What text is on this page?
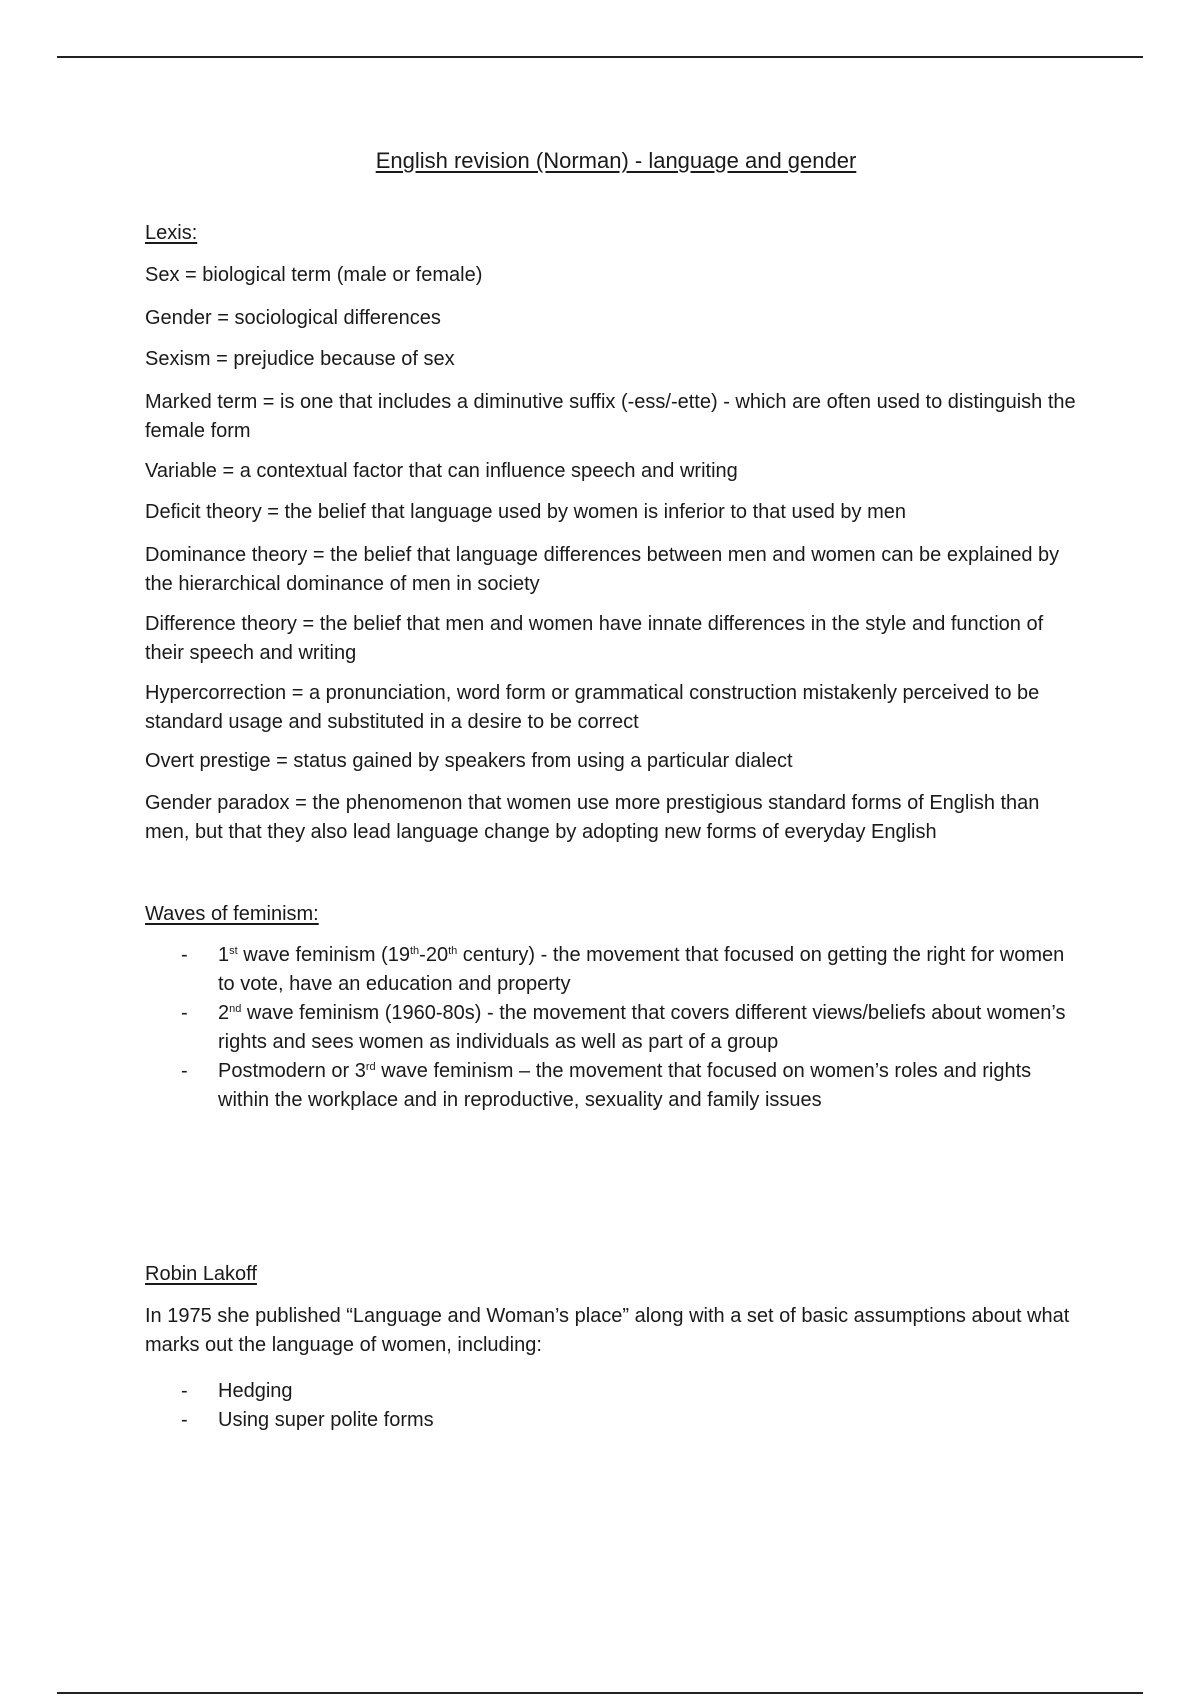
English revision (Norman) - language and gender

Lexis:

Sex = biological term (male or female)

Gender = sociological differences

Sexism = prejudice because of sex

Marked term = is one that includes a diminutive suffix (-ess/-ette) - which are often used to distinguish the female form

Variable = a contextual factor that can influence speech and writing

Deficit theory = the belief that language used by women is inferior to that used by men

Dominance theory = the belief that language differences between men and women can be explained by the hierarchical dominance of men in society

Difference theory = the belief that men and women have innate differences in the style and function of their speech and writing

Hypercorrection = a pronunciation, word form or grammatical construction mistakenly perceived to be standard usage and substituted in a desire to be correct

Overt prestige = status gained by speakers from using a particular dialect

Gender paradox = the phenomenon that women use more prestigious standard forms of English than men, but that they also lead language change by adopting new forms of everyday English

Waves of feminism:

- 1st wave feminism (19th-20th century) - the movement that focused on getting the right for women to vote, have an education and property
- 2nd wave feminism (1960-80s) - the movement that covers different views/beliefs about women’s rights and sees women as individuals as well as part of a group
- Postmodern or 3rd wave feminism – the movement that focused on women’s roles and rights within the workplace and in reproductive, sexuality and family issues

Robin Lakoff

In 1975 she published “Language and Woman’s place” along with a set of basic assumptions about what marks out the language of women, including:

- Hedging
- Using super polite forms
